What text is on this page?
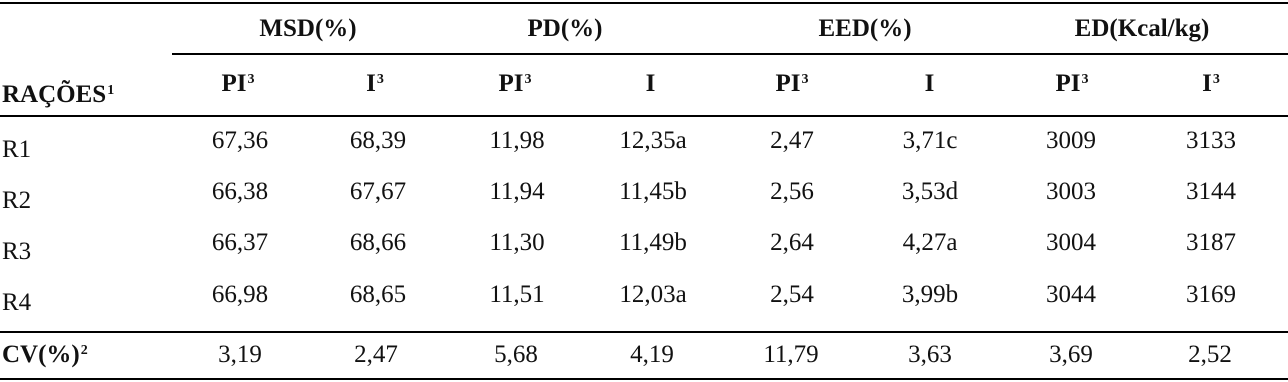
MSD(%)	PD(%)	EED(%)	ED(Kcal/kg)
RAÇÕES$^1$	$PI^3$	$I^3$	$PI^3$	I	$PI^3$	I	$PI^3$	$I^3$
R1	67,36	68,39	11,98	12,35a	2,47	3,71c	3009	3133
R2	66,38	67,67	11,94	11,45b	2,56	3,53d	3003	3144
R3	66,37	68,66	11,30	11,49b	2,64	4,27a	3004	3187
R4	66,98	68,65	11,51	12,03a	2,54	3,99b	3044	3169
CV(%)$^2$	3,19	2,47	5,68	4,19	11,79	3,63	3,69	2,52
